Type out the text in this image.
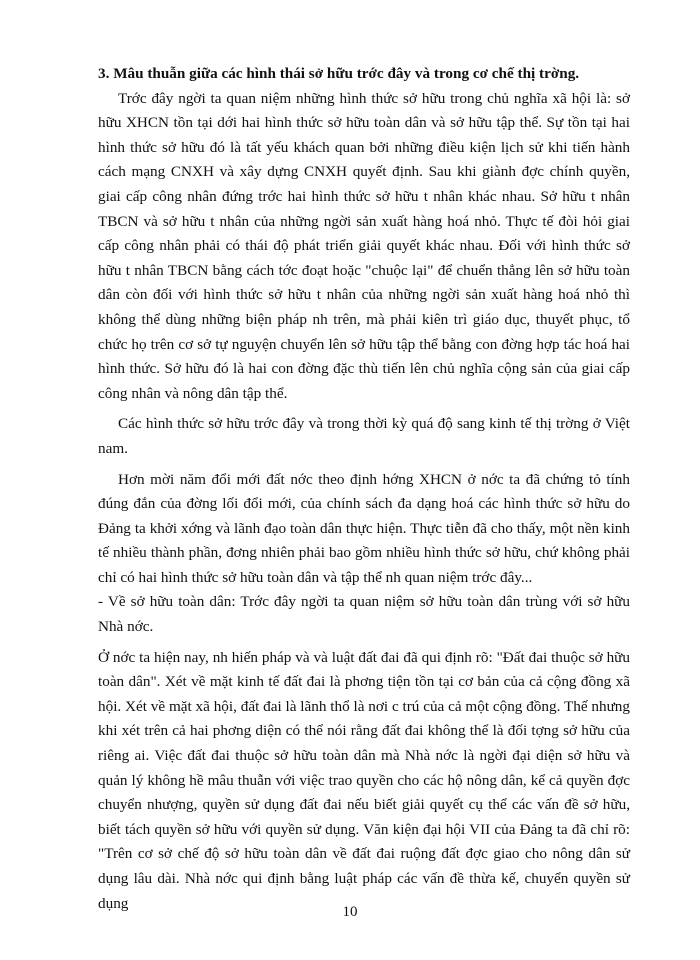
3. Mâu thuẫn giữa các hình thái sở hữu trớc đây và trong cơ chế thị trờng.

Trớc đây ngời ta quan niệm những hình thức sở hữu trong chủ nghĩa xã hội là: sở hữu XHCN tồn tại dới hai hình thức sở hữu toàn dân và sở hữu tập thể. Sự tồn tại hai hình thức sở hữu đó là tất yếu khách quan bởi những điều kiện lịch sử khi tiến hành cách mạng CNXH và xây dựng CNXH quyết định. Sau khi giành đợc chính quyền, giai cấp công nhân đứng trớc hai hình thức sở hữu t nhân khác nhau. Sở hữu t nhân TBCN và sở hữu t nhân của những ngời sản xuất hàng hoá nhỏ. Thực tế đòi hỏi giai cấp công nhân phải có thái độ phát triển giải quyết khác nhau. Đối với hình thức sở hữu t nhân TBCN bằng cách tớc đoạt hoặc "chuộc lại" để chuển thẳng lên sở hữu toàn dân còn đối với hình thức sở hữu t nhân của những ngời sản xuất hàng hoá nhỏ thì không thể dùng những biện pháp nh trên, mà phải kiên trì giáo dục, thuyết phục, tổ chức họ trên cơ sở tự nguyện chuyển lên sở hữu tập thể bằng con đờng hợp tác hoá hai hình thức. Sở hữu đó là hai con đờng đặc thù tiến lên chủ nghĩa cộng sản của giai cấp công nhân và nông dân tập thể.

Các hình thức sở hữu trớc đây và trong thời kỳ quá độ sang kinh tế thị trờng ở Việt nam.

Hơn mời năm đổi mới đất nớc theo định hớng XHCN ở nớc ta đã chứng tỏ tính đúng đắn của đờng lối đổi mới, của chính sách đa dạng hoá các hình thức sở hữu do Đảng ta khởi xớng và lãnh đạo toàn dân thực hiện. Thực tiễn đã cho thấy, một nền kinh tế nhiều thành phần, đơng nhiên phải bao gồm nhiều hình thức sở hữu, chứ không phải chỉ có hai hình thức sở hữu toàn dân và tập thể nh quan niệm trớc đây...

- Về sở hữu toàn dân: Trớc đây ngời ta quan niệm sở hữu toàn dân trùng với sở hữu Nhà nớc.

Ở nớc ta hiện nay, nh hiến pháp và và luật đất đai đã qui định rõ: "Đất đai thuộc sở hữu toàn dân". Xét về mặt kinh tế đất đai là phơng tiện tồn tại cơ bản của cả cộng đồng xã hội. Xét về mặt xã hội, đất đai là lãnh thổ là nơi c trú của cả một cộng đồng. Thế nhưng khi xét trên cả hai phơng diện có thể nói rằng đất đai không thể là đối tợng sở hữu của riêng ai. Việc đất đai thuộc sở hữu toàn dân mà Nhà nớc là ngời đại diện sở hữu và quản lý không hề mâu thuẫn với việc trao quyền cho các hộ nông dân, kể cả quyền đợc chuyển nhượng, quyền sử dụng đất đai nếu biết giải quyết cụ thể các vấn đề sở hữu, biết tách quyền sở hữu với quyền sử dụng. Văn kiện đại hội VII của Đảng ta đã chỉ rõ: "Trên cơ sở chế độ sở hữu toàn dân về đất đai ruộng đất đợc giao cho nông dân sử dụng lâu dài. Nhà nớc qui định bằng luật pháp các vấn đề thừa kế, chuyển quyền sử dụng

10
